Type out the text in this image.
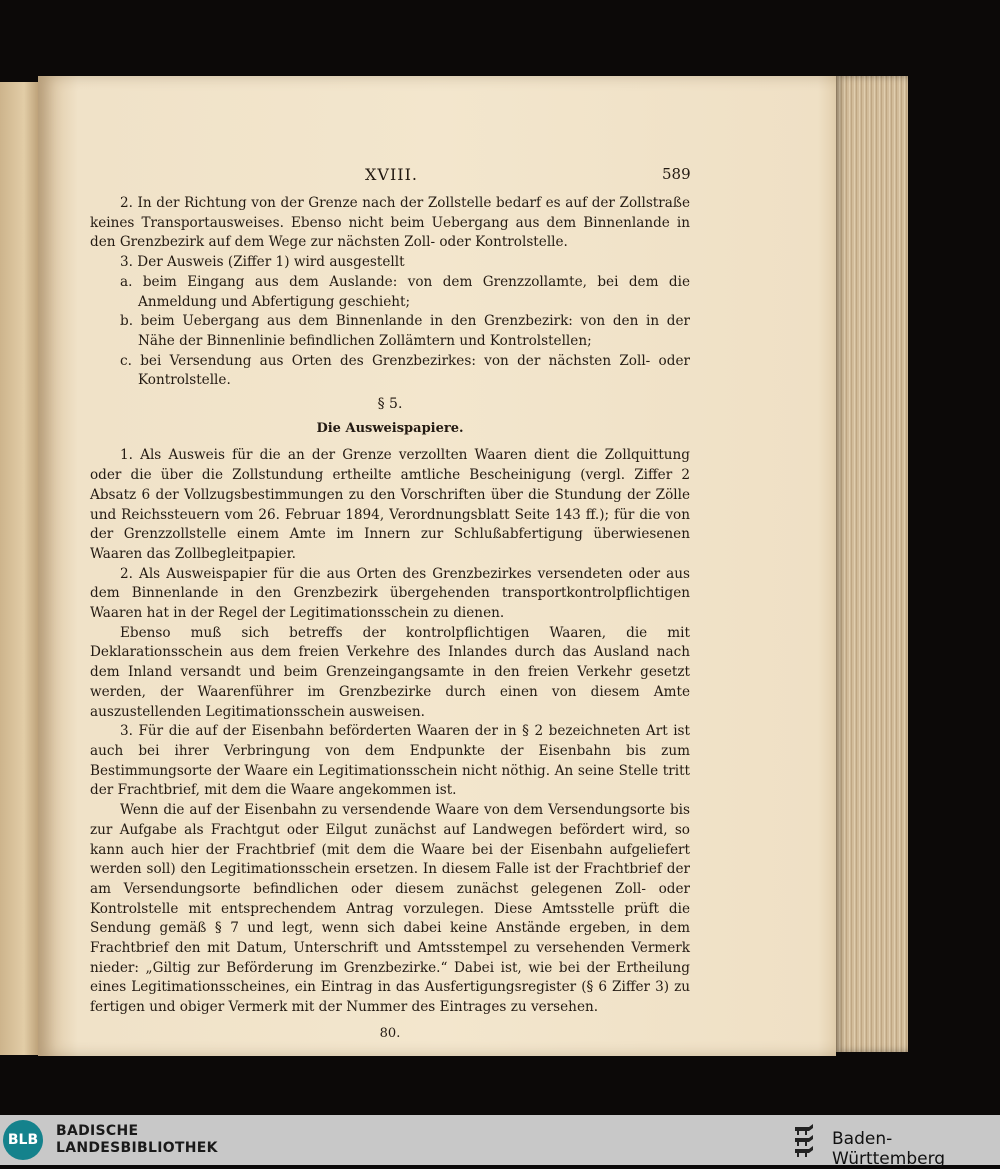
XVIII.	589

2. In der Richtung von der Grenze nach der Zollstelle bedarf es auf der Zollstraße keines Transportausweises. Ebenso nicht beim Uebergang aus dem Binnenlande in den Grenzbezirk auf dem Wege zur nächsten Zoll- oder Kontrolstelle.

3. Der Ausweis (Ziffer 1) wird ausgestellt

a. beim Eingang aus dem Auslande: von dem Grenzzollamte, bei dem die Anmeldung und Abfertigung geschieht;

b. beim Uebergang aus dem Binnenlande in den Grenzbezirk: von den in der Nähe der Binnenlinie befindlichen Zollämtern und Kontrolstellen;

c. bei Versendung aus Orten des Grenzbezirkes: von der nächsten Zoll- oder Kontrolstelle.

§ 5.

Die Ausweispapiere.

1. Als Ausweis für die an der Grenze verzollten Waaren dient die Zollquittung oder die über die Zollstundung ertheilte amtliche Bescheinigung (vergl. Ziffer 2 Absatz 6 der Vollzugsbestimmungen zu den Vorschriften über die Stundung der Zölle und Reichssteuern vom 26. Februar 1894, Verordnungsblatt Seite 143 ff.); für die von der Grenzzollstelle einem Amte im Innern zur Schlußabfertigung überwiesenen Waaren das Zollbegleitpapier.

2. Als Ausweispapier für die aus Orten des Grenzbezirkes versendeten oder aus dem Binnenlande in den Grenzbezirk übergehenden transportkontrolpflichtigen Waaren hat in der Regel der Legitimationsschein zu dienen.

Ebenso muß sich betreffs der kontrolpflichtigen Waaren, die mit Deklarationsschein aus dem freien Verkehre des Inlandes durch das Ausland nach dem Inland versandt und beim Grenzeingangsamte in den freien Verkehr gesetzt werden, der Waarenführer im Grenzbezirke durch einen von diesem Amte auszustellenden Legitimationsschein ausweisen.

3. Für die auf der Eisenbahn beförderten Waaren der in § 2 bezeichneten Art ist auch bei ihrer Verbringung von dem Endpunkte der Eisenbahn bis zum Bestimmungsorte der Waare ein Legitimationsschein nicht nöthig. An seine Stelle tritt der Frachtbrief, mit dem die Waare angekommen ist.

Wenn die auf der Eisenbahn zu versendende Waare von dem Versendungsorte bis zur Aufgabe als Frachtgut oder Eilgut zunächst auf Landwegen befördert wird, so kann auch hier der Frachtbrief (mit dem die Waare bei der Eisenbahn aufgeliefert werden soll) den Legitimationsschein ersetzen. In diesem Falle ist der Frachtbrief der am Versendungsorte befindlichen oder diesem zunächst gelegenen Zoll- oder Kontrolstelle mit entsprechendem Antrag vorzulegen. Diese Amtsstelle prüft die Sendung gemäß § 7 und legt, wenn sich dabei keine Anstände ergeben, in dem Frachtbrief den mit Datum, Unterschrift und Amtsstempel zu versehenden Vermerk nieder: „Giltig zur Beförderung im Grenzbezirke.“ Dabei ist, wie bei der Ertheilung eines Legitimationsscheines, ein Eintrag in das Ausfertigungsregister (§ 6 Ziffer 3) zu fertigen und obiger Vermerk mit der Nummer des Eintrages zu versehen.

80.

BLB
BADISCHE
LANDESBIBLIOTHEK	Baden-Württemberg
